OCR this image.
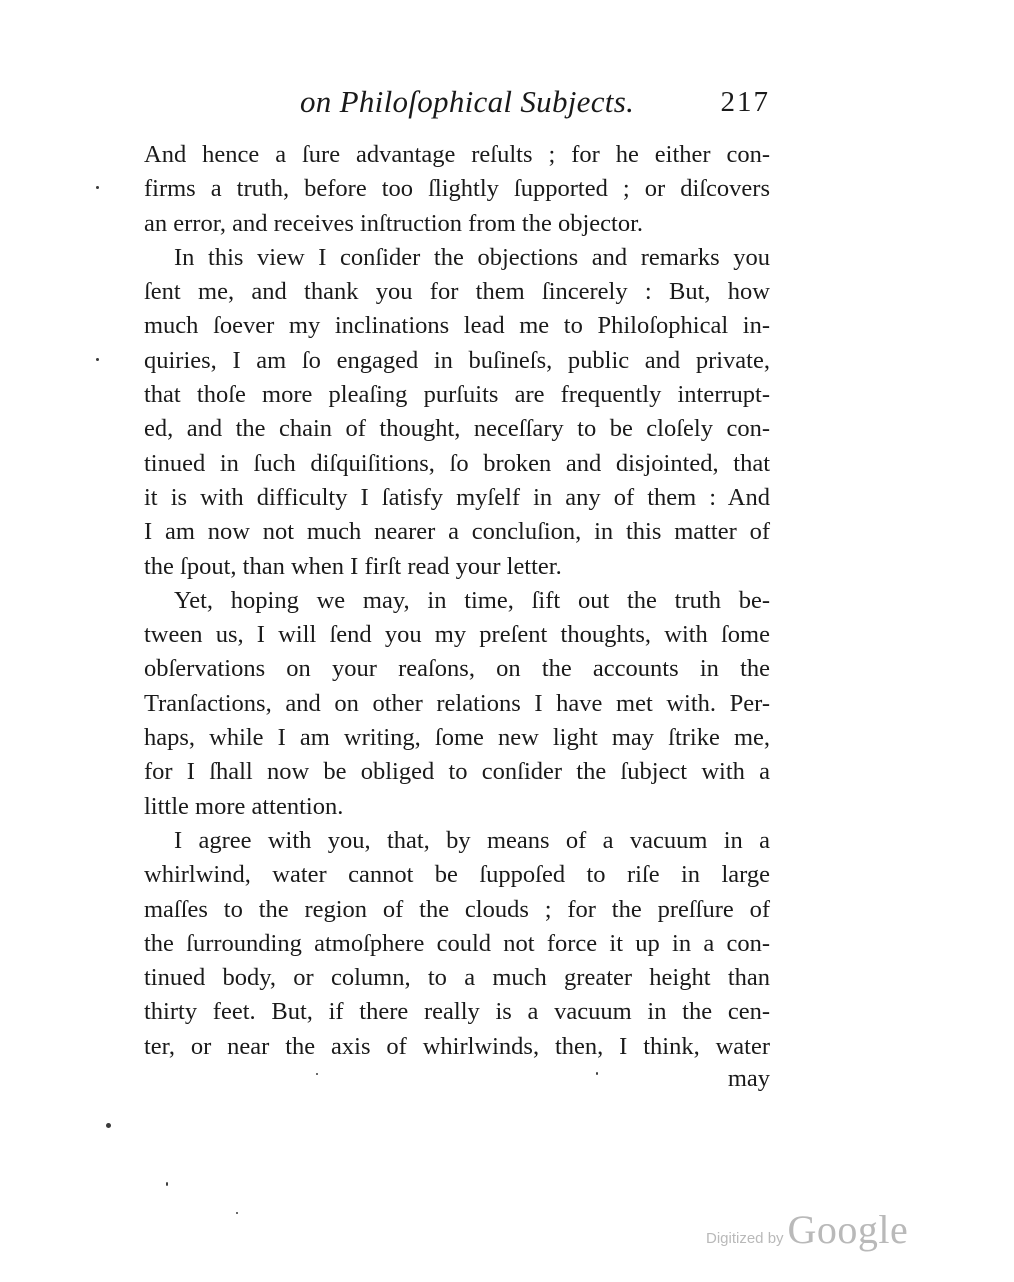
on Philoſophical Subjects.	217
And hence a ſure advantage reſults ; for he either con-
firms a truth, before too ſlightly ſupported ; or diſcovers
an error, and receives inſtruction from the objector.
In this view I conſider the objections and remarks you
ſent me, and thank you for them ſincerely : But, how
much ſoever my inclinations lead me to Philoſophical in-
quiries, I am ſo engaged in buſineſs, public and private,
that thoſe more pleaſing purſuits are frequently interrupt-
ed, and the chain of thought, neceſſary to be cloſely con-
tinued in ſuch diſquiſitions, ſo broken and disjointed, that
it is with difficulty I ſatisfy myſelf in any of them : And
I am now not much nearer a concluſion, in this matter of
the ſpout, than when I firſt read your letter.
Yet, hoping we may, in time, ſift out the truth be-
tween us, I will ſend you my preſent thoughts, with ſome
obſervations on your reaſons, on the accounts in the
Tranſactions, and on other relations I have met with. Per-
haps, while I am writing, ſome new light may ſtrike me,
for I ſhall now be obliged to conſider the ſubject with a
little more attention.
I agree with you, that, by means of a vacuum in a
whirlwind, water cannot be ſuppoſed to riſe in large
maſſes to the region of the clouds ; for the preſſure of
the ſurrounding atmoſphere could not force it up in a con-
tinued body, or column, to a much greater height than
thirty feet. But, if there really is a vacuum in the cen-
ter, or near the axis of whirlwinds, then, I think, water
may
Digitized by Google
